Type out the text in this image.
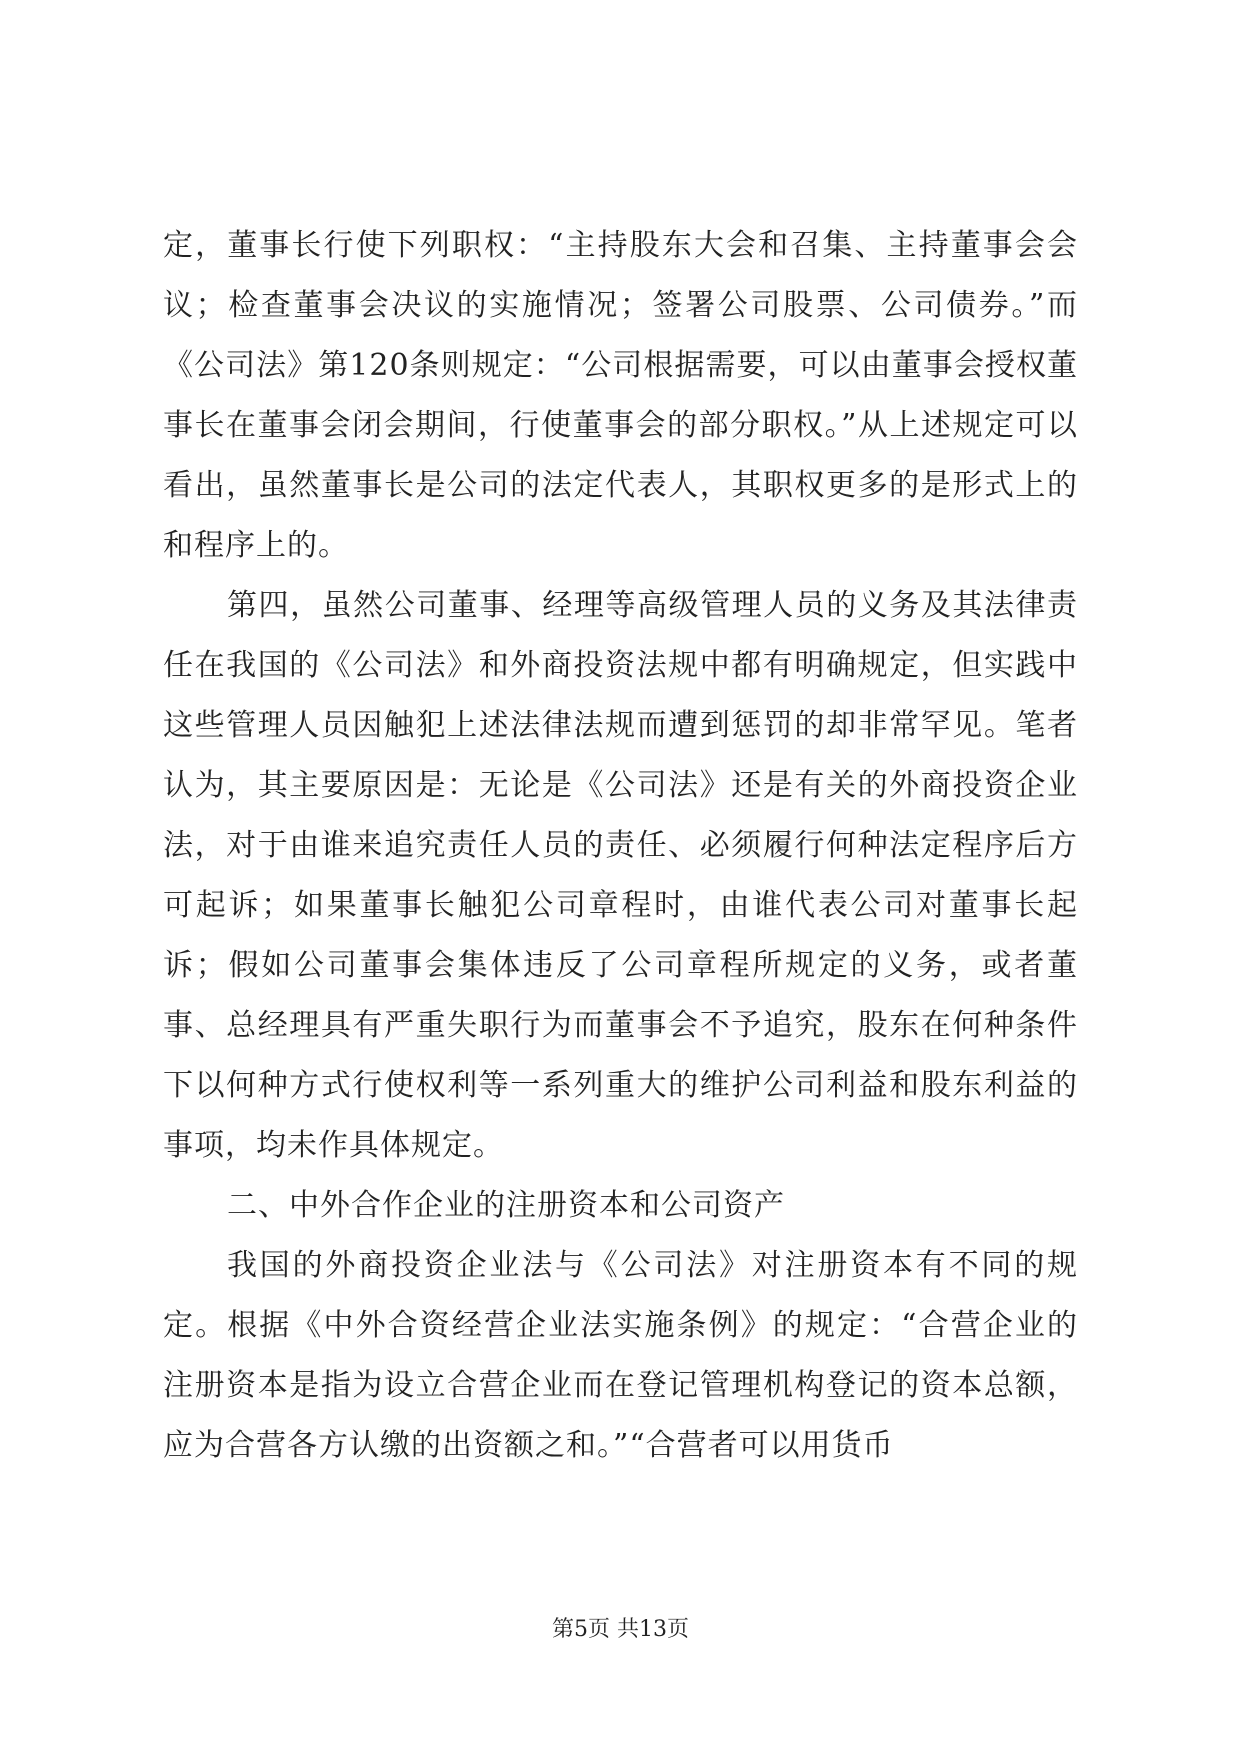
定，董事长行使下列职权：“主持股东大会和召集、主持董事会会议；检查董事会决议的实施情况；签署公司股票、公司债券。”而《公司法》第120条则规定：“公司根据需要，可以由董事会授权董事长在董事会闭会期间，行使董事会的部分职权。”从上述规定可以看出，虽然董事长是公司的法定代表人，其职权更多的是形式上的和程序上的。

第四，虽然公司董事、经理等高级管理人员的义务及其法律责任在我国的《公司法》和外商投资法规中都有明确规定，但实践中这些管理人员因触犯上述法律法规而遭到惩罚的却非常罕见。笔者认为，其主要原因是：无论是《公司法》还是有关的外商投资企业法，对于由谁来追究责任人员的责任、必须履行何种法定程序后方可起诉；如果董事长触犯公司章程时，由谁代表公司对董事长起诉；假如公司董事会集体违反了公司章程所规定的义务，或者董事、总经理具有严重失职行为而董事会不予追究，股东在何种条件下以何种方式行使权利等一系列重大的维护公司利益和股东利益的事项，均未作具体规定。

二、中外合作企业的注册资本和公司资产

我国的外商投资企业法与《公司法》对注册资本有不同的规定。根据《中外合资经营企业法实施条例》的规定：“合营企业的注册资本是指为设立合营企业而在登记管理机构登记的资本总额，应为合营各方认缴的出资额之和。”“合营者可以用货币

第5页 共13页
